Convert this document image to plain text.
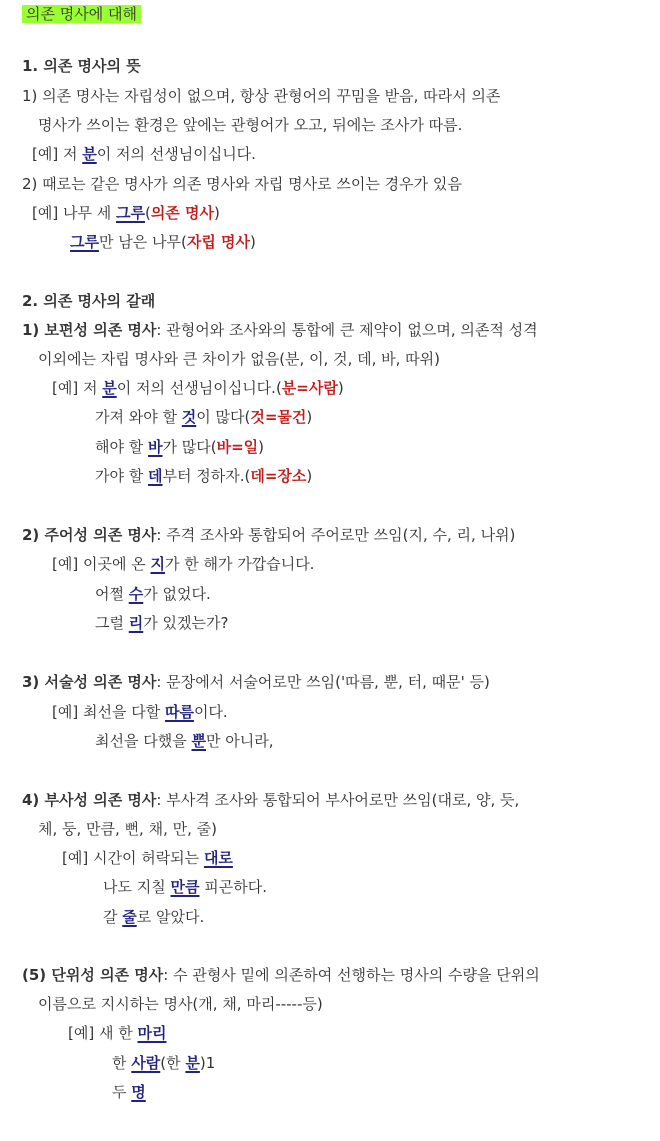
의존 명사에 대해
1. 의존 명사의 뜻
1) 의존 명사는 자립성이 없으며, 항상 관형어의 꾸밈을 받음, 따라서 의존
명사가 쓰이는 환경은 앞에는 관형어가 오고, 뒤에는 조사가 따름.
[예] 저 분이 저의 선생님이십니다.
2) 때로는 같은 명사가 의존 명사와 자립 명사로 쓰이는 경우가 있음
[예] 나무 세 그루(의존 명사)
그루만 남은 나무(자립 명사)
2. 의존 명사의 갈래
1) 보편성 의존 명사: 관형어와 조사와의 통합에 큰 제약이 없으며, 의존적 성격
이외에는 자립 명사와 큰 차이가 없음(분, 이, 것, 데, 바, 따위)
[예] 저 분이 저의 선생님이십니다.(분=사람)
가져 와야 할 것이 많다(것=물건)
해야 할 바가 많다(바=일)
가야 할 데부터 정하자.(데=장소)
2) 주어성 의존 명사: 주격 조사와 통합되어 주어로만 쓰임(지, 수, 리, 나위)
[예] 이곳에 온 지가 한 해가 가깝습니다.
어쩔 수가 없었다.
그럴 리가 있겠는가?
3) 서술성 의존 명사: 문장에서 서술어로만 쓰임('따름, 뿐, 터, 때문' 등)
[예] 최선을 다할 따름이다.
최선을 다했을 뿐만 아니라,
4) 부사성 의존 명사: 부사격 조사와 통합되어 부사어로만 쓰임(대로, 양, 듯,
체, 둥, 만큼, 뻔, 채, 만, 줄)
[예] 시간이 허락되는 대로
나도 지칠 만큼 피곤하다.
갈 줄로 알았다.
(5) 단위성 의존 명사: 수 관형사 밑에 의존하여 선행하는 명사의 수량을 단위의
이름으로 지시하는 명사(개, 채, 마리-----등)
[예] 새 한 마리
한 사람(한 분)1
두 명
